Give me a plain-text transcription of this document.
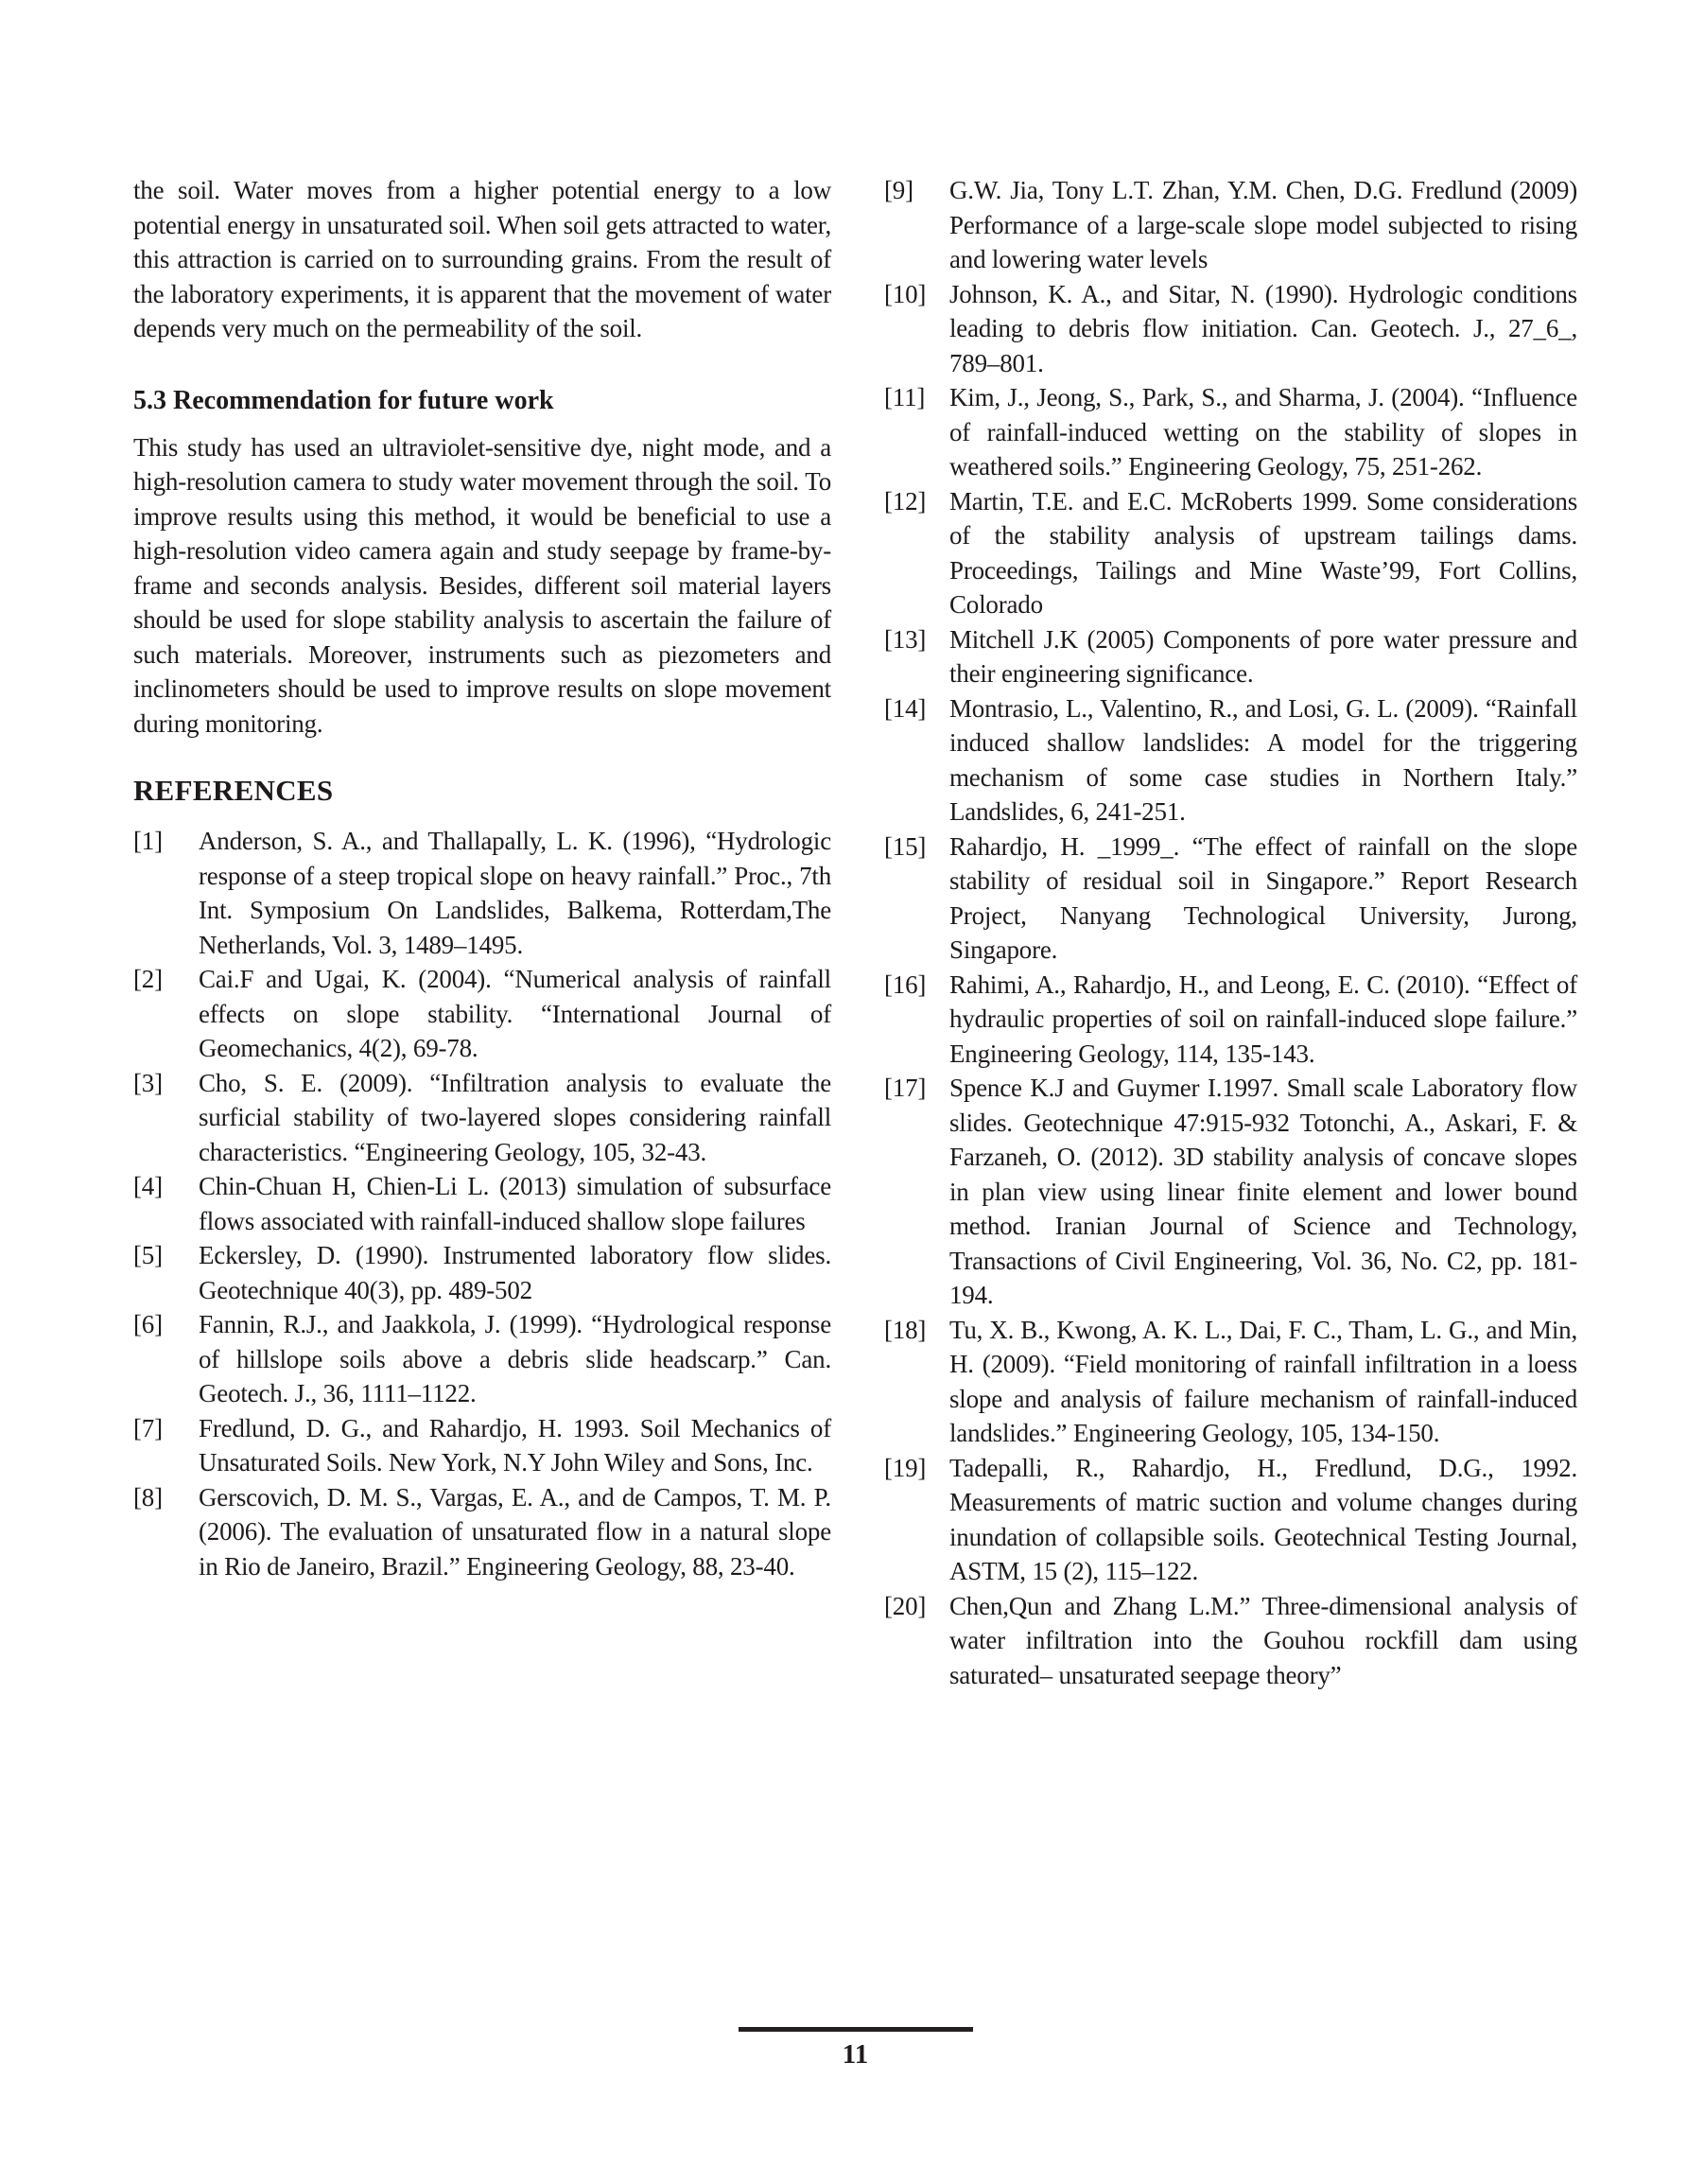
the soil. Water moves from a higher potential energy to a low potential energy in unsaturated soil. When soil gets attracted to water, this attraction is carried on to surrounding grains. From the result of the laboratory experiments, it is apparent that the movement of water depends very much on the permeability of the soil.

5.3 Recommendation for future work

This study has used an ultraviolet-sensitive dye, night mode, and a high-resolution camera to study water movement through the soil. To improve results using this method, it would be beneficial to use a high-resolution video camera again and study seepage by frame-by-frame and seconds analysis. Besides, different soil material layers should be used for slope stability analysis to ascertain the failure of such materials. Moreover, instruments such as piezometers and inclinometers should be used to improve results on slope movement during monitoring.

REFERENCES
[1]	Anderson, S. A., and Thallapally, L. K. (1996), “Hydrologic response of a steep tropical slope on heavy rainfall.” Proc., 7th Int. Symposium On Landslides, Balkema, Rotterdam,The Netherlands, Vol. 3, 1489–1495.
[2]	Cai.F and Ugai, K. (2004). “Numerical analysis of rainfall effects on slope stability. “International Journal of Geomechanics, 4(2), 69-78.
[3]	Cho, S. E. (2009). “Infiltration analysis to evaluate the surficial stability of two-layered slopes considering rainfall characteristics. “Engineering Geology, 105, 32-43.
[4]	Chin-Chuan H, Chien-Li L. (2013) simulation of subsurface flows associated with rainfall-induced shallow slope failures
[5]	Eckersley, D. (1990). Instrumented laboratory flow slides. Geotechnique 40(3), pp. 489-502
[6]	Fannin, R.J., and Jaakkola, J. (1999). “Hydrological response of hillslope soils above a debris slide headscarp.” Can. Geotech. J., 36, 1111–1122.
[7]	Fredlund, D. G., and Rahardjo, H. 1993. Soil Mechanics of Unsaturated Soils. New York, N.Y John Wiley and Sons, Inc.
[8]	Gerscovich, D. M. S., Vargas, E. A., and de Campos, T. M. P. (2006). The evaluation of unsaturated flow in a natural slope in Rio de Janeiro, Brazil.” Engineering Geology, 88, 23-40.
[9]	G.W. Jia, Tony L.T. Zhan, Y.M. Chen, D.G. Fredlund (2009) Performance of a large-scale slope model subjected to rising and lowering water levels
[10] Johnson, K. A., and Sitar, N. (1990). Hydrologic conditions leading to debris flow initiation. Can. Geotech. J., 27_6_, 789–801.
[11] Kim, J., Jeong, S., Park, S., and Sharma, J. (2004). “Influence of rainfall-induced wetting on the stability of slopes in weathered soils.” Engineering Geology, 75, 251-262.
[12] Martin, T.E. and E.C. McRoberts 1999. Some considerations of the stability analysis of upstream tailings dams. Proceedings, Tailings and Mine Waste’99, Fort Collins, Colorado
[13] Mitchell J.K (2005) Components of pore water pressure and their engineering significance.
[14] Montrasio, L., Valentino, R., and Losi, G. L. (2009). “Rainfall induced shallow landslides: A model for the triggering mechanism of some case studies in Northern Italy.” Landslides, 6, 241-251.
[15] Rahardjo, H. _1999_. “The effect of rainfall on the slope stability of residual soil in Singapore.” Report Research Project, Nanyang Technological University, Jurong, Singapore.
[16] Rahimi, A., Rahardjo, H., and Leong, E. C. (2010). “Effect of hydraulic properties of soil on rainfall-induced slope failure.” Engineering Geology, 114, 135-143.
[17] Spence K.J and Guymer I.1997. Small scale Laboratory flow slides. Geotechnique 47:915-932 Totonchi, A., Askari, F. & Farzaneh, O. (2012). 3D stability analysis of concave slopes in plan view using linear finite element and lower bound method. Iranian Journal of Science and Technology, Transactions of Civil Engineering, Vol. 36, No. C2, pp. 181-194.
[18] Tu, X. B., Kwong, A. K. L., Dai, F. C., Tham, L. G., and Min, H. (2009). “Field monitoring of rainfall infiltration in a loess slope and analysis of failure mechanism of rainfall-induced landslides.” Engineering Geology, 105, 134-150.
[19] Tadepalli, R., Rahardjo, H., Fredlund, D.G., 1992. Measurements of matric suction and volume changes during inundation of collapsible soils. Geotechnical Testing Journal, ASTM, 15 (2), 115–122.
[20] Chen,Qun and Zhang L.M.” Three-dimensional analysis of water infiltration into the Gouhou rockfill dam using saturated– unsaturated seepage theory”
11
